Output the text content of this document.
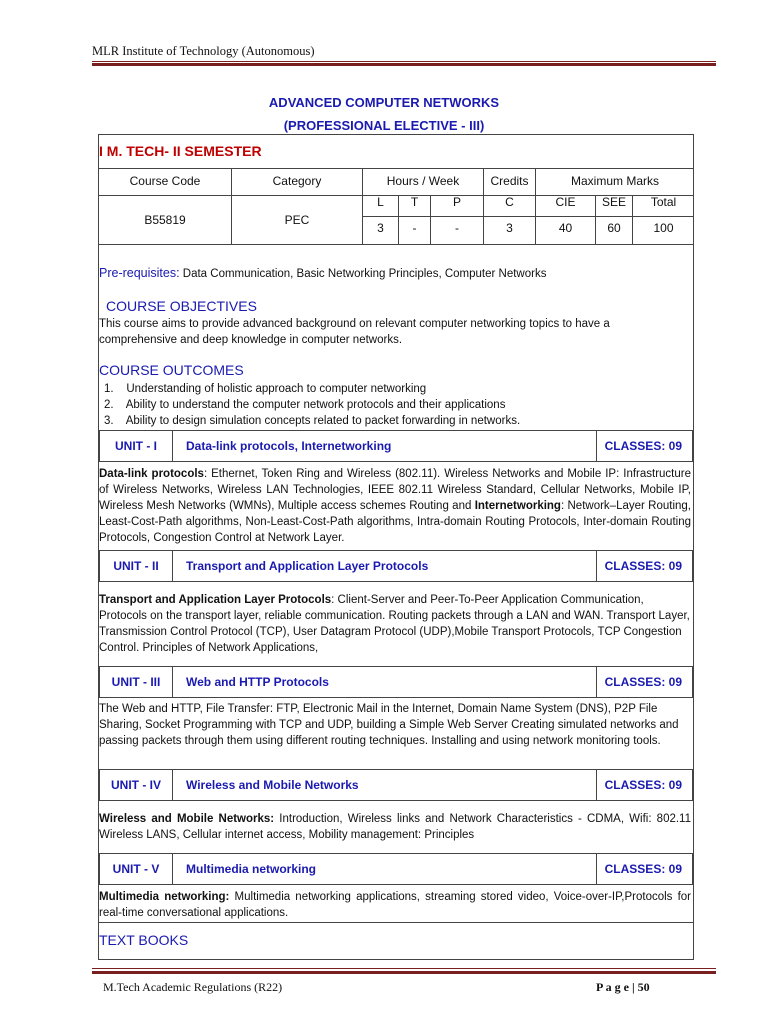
MLR Institute of Technology (Autonomous)
ADVANCED COMPUTER NETWORKS
(PROFESSIONAL ELECTIVE - III)
I M. TECH- II SEMESTER
Course Code	Category	Hours / Week	Credits	Maximum Marks
L	T	P	C	CIE	SEE	Total
B55819	PEC
3	-	-	3	40	60	100
Pre-requisites: Data Communication, Basic Networking Principles, Computer Networks
COURSE OBJECTIVES
This course aims to provide advanced background on relevant computer networking topics to have a
comprehensive and deep knowledge in computer networks.
COURSE OUTCOMES
1.    Understanding of holistic approach to computer networking
2.    Ability to understand the computer network protocols and their applications
3.    Ability to design simulation concepts related to packet forwarding in networks.
UNIT - I	Data-link protocols, Internetworking	CLASSES: 09
Data-link protocols: Ethernet, Token Ring and Wireless (802.11). Wireless Networks and Mobile IP: Infrastructure of Wireless Networks, Wireless LAN Technologies, IEEE 802.11 Wireless Standard, Cellular Networks, Mobile IP, Wireless Mesh Networks (WMNs), Multiple access schemes Routing and Internetworking: Network–Layer Routing, Least-Cost-Path algorithms, Non-Least-Cost-Path algorithms, Intra-domain Routing Protocols, Inter-domain Routing Protocols, Congestion Control at Network Layer.
UNIT - II	Transport and Application Layer Protocols	CLASSES: 09
Transport and Application Layer Protocols: Client-Server and Peer-To-Peer Application Communication, Protocols on the transport layer, reliable communication. Routing packets through a LAN and WAN. Transport Layer, Transmission Control Protocol (TCP), User Datagram Protocol (UDP),Mobile Transport Protocols, TCP Congestion Control. Principles of Network Applications,
UNIT - III	Web and HTTP Protocols	CLASSES: 09
The Web and HTTP, File Transfer: FTP, Electronic Mail in the Internet, Domain Name System (DNS), P2P File Sharing, Socket Programming with TCP and UDP, building a Simple Web Server Creating simulated networks and passing packets through them using different routing techniques. Installing and using network monitoring tools.
UNIT - IV	Wireless and Mobile Networks	CLASSES: 09
Wireless and Mobile Networks: Introduction, Wireless links and Network Characteristics - CDMA, Wifi: 802.11 Wireless LANS, Cellular internet access, Mobility management: Principles
UNIT - V	Multimedia networking	CLASSES: 09
Multimedia networking: Multimedia networking applications, streaming stored video, Voice-over-IP,Protocols for real-time conversational applications.
TEXT BOOKS
M.Tech Academic Regulations (R22)	P a g e | 50
